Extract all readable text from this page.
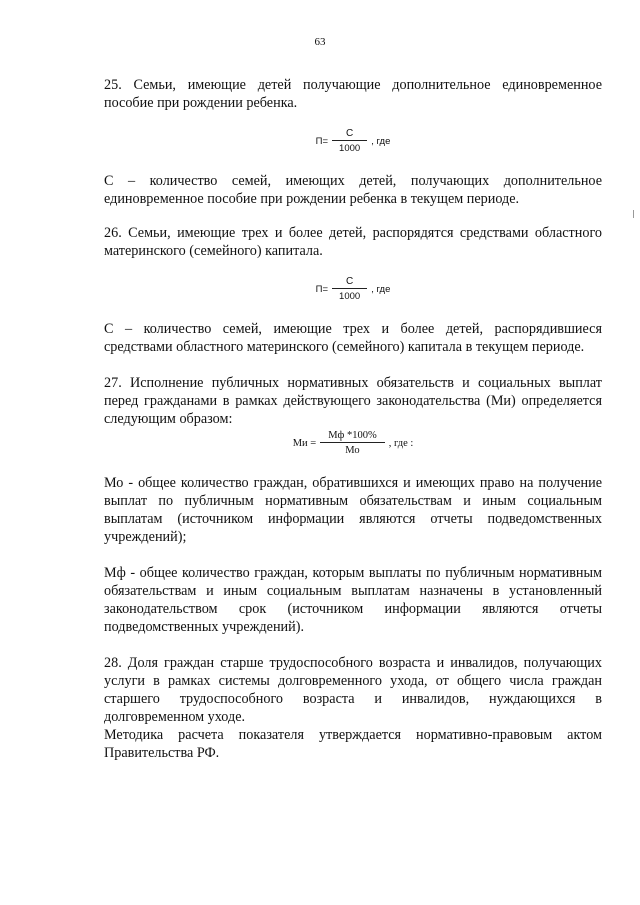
63

25. Семьи, имеющие детей получающие дополнительное единовременное пособие при рождении ребенка.

$П= \frac{С}{1000}$ , где

С – количество семей, имеющих детей, получающих дополнительное единовременное пособие при рождении ребенка в текущем периоде.

26. Семьи, имеющие трех и более детей, распорядятся средствами областного материнского (семейного) капитала.

$П= \frac{С}{1000}$ , где

С – количество семей, имеющие трех и более детей, распорядившиеся средствами областного материнского (семейного) капитала в текущем периоде.

27. Исполнение публичных нормативных обязательств и социальных выплат перед гражданами в рамках действующего законодательства (Ми) определяется следующим образом:

Ми = $\frac{Мф *100\%}{Мо}$ , где :

Мо - общее количество граждан, обратившихся и имеющих право на получение выплат по публичным нормативным обязательствам и иным социальным выплатам (источником информации являются отчеты подведомственных учреждений);

Мф - общее количество граждан, которым выплаты по публичным нормативным обязательствам и иным социальным выплатам назначены в установленный законодательством срок (источником информации являются отчеты подведомственных учреждений).

28. Доля граждан старше трудоспособного возраста и инвалидов, получающих услуги в рамках системы долговременного ухода, от общего числа граждан старшего трудоспособного возраста и инвалидов, нуждающихся в долговременном уходе.

Методика расчета показателя утверждается нормативно-правовым актом Правительства РФ.
